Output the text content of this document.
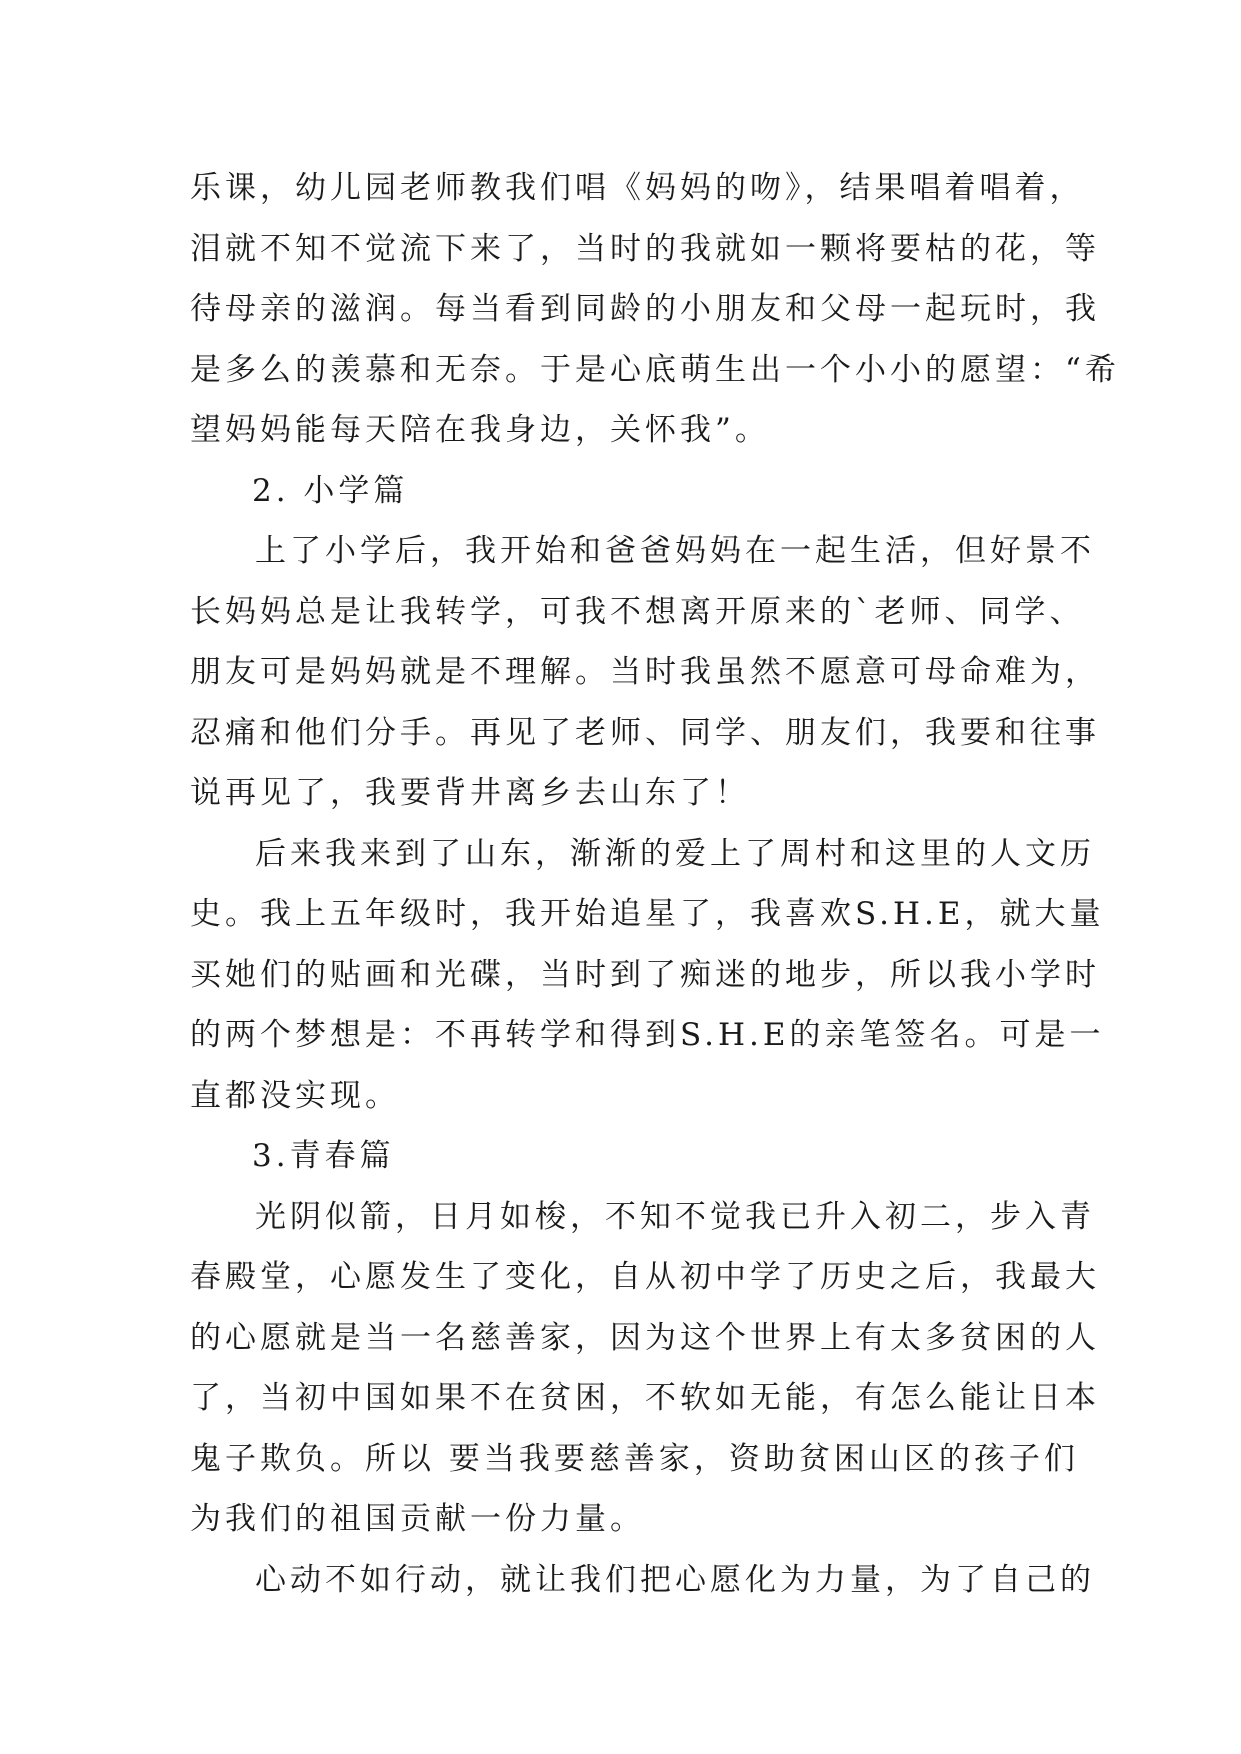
乐课，幼儿园老师教我们唱《妈妈的吻》，结果唱着唱着，
泪就不知不觉流下来了，当时的我就如一颗将要枯的花，等
待母亲的滋润。每当看到同龄的小朋友和父母一起玩时，我
是多么的羡慕和无奈。于是心底萌生出一个小小的愿望：“希
望妈妈能每天陪在我身边，关怀我”。
2. 小学篇
上了小学后，我开始和爸爸妈妈在一起生活，但好景不
长妈妈总是让我转学，可我不想离开原来的`老师、同学、
朋友可是妈妈就是不理解。当时我虽然不愿意可母命难为，
忍痛和他们分手。再见了老师、同学、朋友们，我要和往事
说再见了，我要背井离乡去山东了！
后来我来到了山东，渐渐的爱上了周村和这里的人文历
史。我上五年级时，我开始追星了，我喜欢S.H.E，就大量
买她们的贴画和光碟，当时到了痴迷的地步，所以我小学时
的两个梦想是：不再转学和得到S.H.E的亲笔签名。可是一
直都没实现。
3.青春篇
光阴似箭，日月如梭，不知不觉我已升入初二，步入青
春殿堂，心愿发生了变化，自从初中学了历史之后，我最大
的心愿就是当一名慈善家，因为这个世界上有太多贫困的人
了，当初中国如果不在贫困，不软如无能，有怎么能让日本
鬼子欺负。所以 要当我要慈善家，资助贫困山区的孩子们
为我们的祖国贡献一份力量。
心动不如行动，就让我们把心愿化为力量，为了自己的
